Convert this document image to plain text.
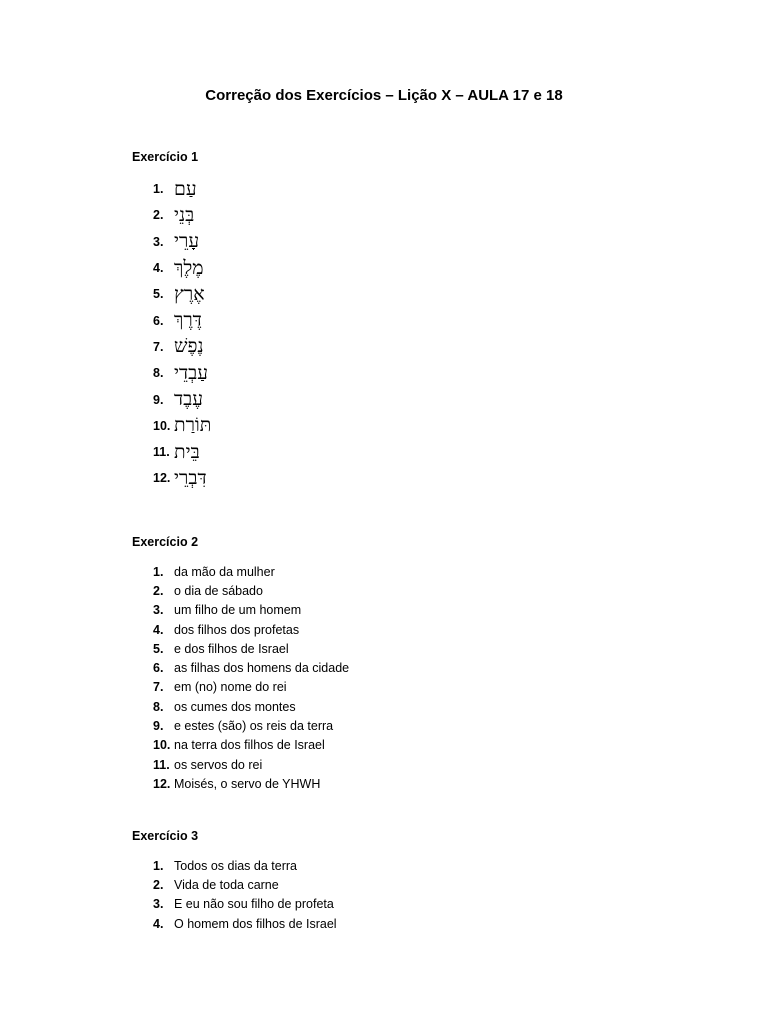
Correção dos Exercícios – Lição X – AULA 17 e 18
Exercício 1
1. עַם
2. בְּנֵי
3. עָרֵי
4. מֶלֶךְ
5. אֶרֶץ
6. דֶּרֶךְ
7. נֶפֶשׁ
8. עַבְדֵי
9. עֶבֶד
10. תּוֹרַת
11. בֵּית
12. דִּבְרֵי
Exercício 2
1. da mão da mulher
2. o dia de sábado
3. um filho de um homem
4. dos filhos dos profetas
5. e dos filhos de Israel
6. as filhas dos homens da cidade
7. em (no) nome do rei
8. os cumes dos montes
9. e estes (são) os reis da terra
10. na terra dos filhos de Israel
11. os servos do rei
12. Moisés, o servo de YHWH
Exercício 3
1. Todos os dias da terra
2. Vida de toda carne
3. E eu não sou filho de profeta
4. O homem dos filhos de Israel
